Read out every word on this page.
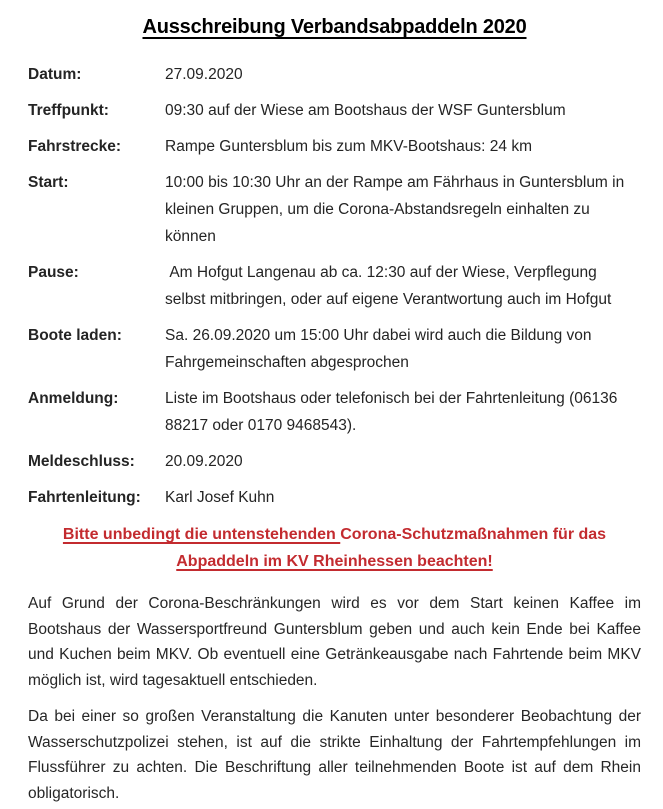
Ausschreibung Verbandsabpaddeln 2020
Datum:	27.09.2020
Treffpunkt:	09:30 auf der Wiese am Bootshaus der WSF Guntersblum
Fahrstrecke:	Rampe Guntersblum bis zum MKV-Bootshaus: 24 km
Start:	10:00 bis 10:30 Uhr an der Rampe am Fährhaus in Guntersblum in kleinen Gruppen, um die Corona-Abstandsregeln einhalten zu können
Pause:	Am Hofgut Langenau ab ca. 12:30 auf der Wiese, Verpflegung selbst mitbringen, oder auf eigene Verantwortung auch im Hofgut
Boote laden:	Sa. 26.09.2020 um 15:00 Uhr dabei wird auch die Bildung von Fahrgemeinschaften abgesprochen
Anmeldung:	Liste im Bootshaus oder telefonisch bei der Fahrtenleitung (06136 88217 oder 0170 9468543).
Meldeschluss:	20.09.2020
Fahrtenleitung:	Karl Josef Kuhn
Bitte unbedingt die untenstehenden Corona-Schutzmaßnahmen für das
Abpaddeln im KV Rheinhessen beachten!

Auf Grund der Corona-Beschränkungen wird es vor dem Start keinen Kaffee im Bootshaus der Wassersportfreund Guntersblum geben und auch kein Ende bei Kaffee und Kuchen beim MKV. Ob eventuell eine Getränkeausgabe nach Fahrtende beim MKV möglich ist, wird tagesaktuell entschieden.

Da bei einer so großen Veranstaltung die Kanuten unter besonderer Beobachtung der Wasserschutzpolizei stehen, ist auf die strikte Einhaltung der Fahrtempfehlungen im Flussführer zu achten. Die Beschriftung aller teilnehmenden Boote ist auf dem Rhein obligatorisch.
